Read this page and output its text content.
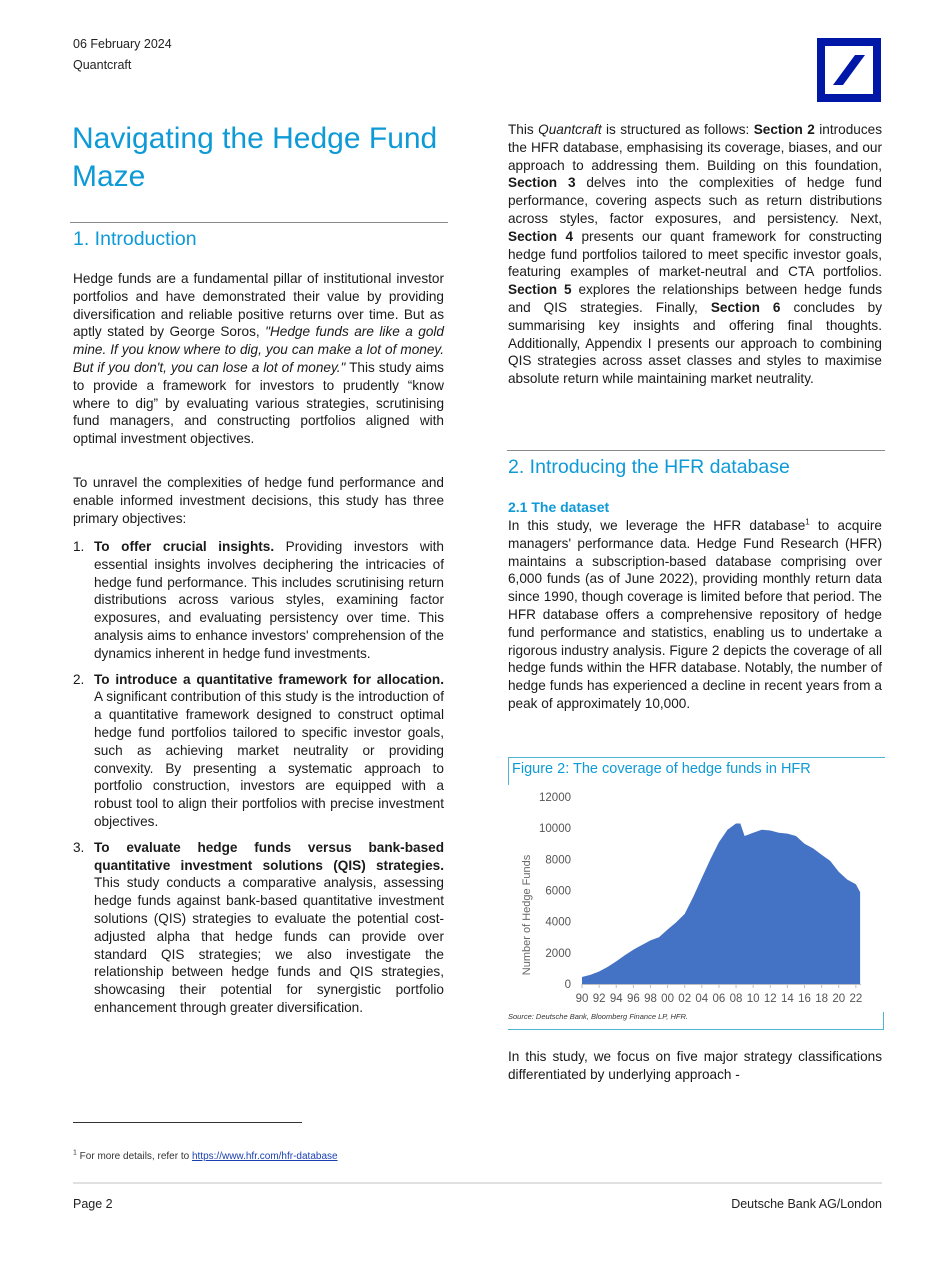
06 February 2024
Quantcraft
Navigating the Hedge Fund Maze
1. Introduction

Hedge funds are a fundamental pillar of institutional investor portfolios and have demonstrated their value by providing diversification and reliable positive returns over time. But as aptly stated by George Soros, "Hedge funds are like a gold mine. If you know where to dig, you can make a lot of money. But if you don't, you can lose a lot of money." This study aims to provide a framework for investors to prudently “know where to dig” by evaluating various strategies, scrutinising fund managers, and constructing portfolios aligned with optimal investment objectives.

To unravel the complexities of hedge fund performance and enable informed investment decisions, this study has three primary objectives:

1. To offer crucial insights. Providing investors with essential insights involves deciphering the intricacies of hedge fund performance. This includes scrutinising return distributions across various styles, examining factor exposures, and evaluating persistency over time. This analysis aims to enhance investors' comprehension of the dynamics inherent in hedge fund investments.
2. To introduce a quantitative framework for allocation. A significant contribution of this study is the introduction of a quantitative framework designed to construct optimal hedge fund portfolios tailored to specific investor goals, such as achieving market neutrality or providing convexity. By presenting a systematic approach to portfolio construction, investors are equipped with a robust tool to align their portfolios with precise investment objectives.
3. To evaluate hedge funds versus bank-based quantitative investment solutions (QIS) strategies. This study conducts a comparative analysis, assessing hedge funds against bank-based quantitative investment solutions (QIS) strategies to evaluate the potential cost-adjusted alpha that hedge funds can provide over standard QIS strategies; we also investigate the relationship between hedge funds and QIS strategies, showcasing their potential for synergistic portfolio enhancement through greater diversification.

This Quantcraft is structured as follows: Section 2 introduces the HFR database, emphasising its coverage, biases, and our approach to addressing them. Building on this foundation, Section 3 delves into the complexities of hedge fund performance, covering aspects such as return distributions across styles, factor exposures, and persistency. Next, Section 4 presents our quant framework for constructing hedge fund portfolios tailored to meet specific investor goals, featuring examples of market-neutral and CTA portfolios. Section 5 explores the relationships between hedge funds and QIS strategies. Finally, Section 6 concludes by summarising key insights and offering final thoughts. Additionally, Appendix I presents our approach to combining QIS strategies across asset classes and styles to maximise absolute return while maintaining market neutrality.

2. Introducing the HFR database
2.1 The dataset

In this study, we leverage the HFR database$^1$ to acquire managers' performance data. Hedge Fund Research (HFR) maintains a subscription-based database comprising over 6,000 funds (as of June 2022), providing monthly return data since 1990, though coverage is limited before that period. The HFR database offers a comprehensive repository of hedge fund performance and statistics, enabling us to undertake a rigorous industry analysis. Figure 2 depicts the coverage of all hedge funds within the HFR database. Notably, the number of hedge funds has experienced a decline in recent years from a peak of approximately 10,000.

Figure 2: The coverage of hedge funds in HFR
Source: Deutsche Bank, Bloomberg Finance LP, HFR.
0
2000
4000
6000
8000
10000
12000
Number of Hedge Funds
90 92 94 96 98 00 02 04 06 08 10 12 14 16 18 20 22

In this study, we focus on five major strategy classifications differentiated by underlying approach -

$^1$ For more details, refer to https://www.hfr.com/hfr-database
Page 2	Deutsche Bank AG/London
